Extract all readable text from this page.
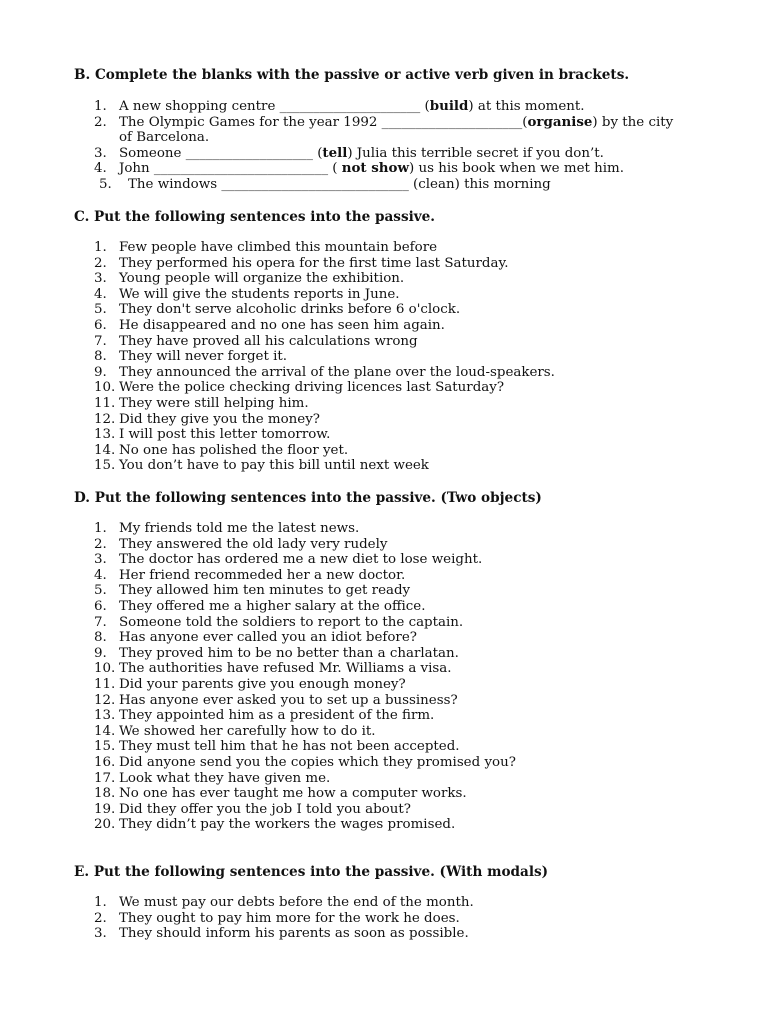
B. Complete the blanks with the passive or active verb given in brackets.
1. A new shopping centre _____________________ (build) at this moment.
2. The Olympic Games for the year 1992 _____________________(organise) by the city of Barcelona.
3. Someone ___________________ (tell) Julia this terrible secret if you don’t.
4. John __________________________ ( not show) us his book when we met him.
5.	The windows ____________________________ (clean) this morning
C. Put the following sentences into the passive.
1. Few people have climbed this mountain before
2. They performed his opera for the first time last Saturday.
3. Young people will organize the exhibition.
4. We will give the students reports in June.
5. They don't serve alcoholic drinks before 6 o'clock.
6. He disappeared and no one has seen him again.
7. They have proved all his calculations wrong
8. They will never forget it.
9. They announced the arrival of the plane over the loud-speakers.
10. Were the police checking driving licences last Saturday?
11. They were still helping him.
12. Did they give you the money?
13. I will post this letter tomorrow.
14. No one has polished the floor yet.
15. You don’t have to pay this bill until next week
D. Put the following sentences into the passive. (Two objects)
1. My friends told me the latest news.
2. They answered the old lady very rudely
3. The doctor has ordered me a new diet to lose weight.
4. Her friend recommeded her a new doctor.
5. They allowed him ten minutes to get ready
6. They offered me a higher salary at the office.
7. Someone told the soldiers to report to the captain.
8. Has anyone ever called you an idiot before?
9. They proved him to be no better than a charlatan.
10. The authorities have refused Mr. Williams a visa.
11. Did your parents give you enough money?
12. Has anyone ever asked you to set up a bussiness?
13. They appointed him as a president of the firm.
14. We showed her carefully how to do it.
15. They must tell him that he has not been accepted.
16. Did anyone send you the copies which they promised you?
17. Look what they have given me.
18. No one has ever taught me how a computer works.
19. Did they offer you the job I told you about?
20. They didn’t pay the workers the wages promised.
E. Put the following sentences into the passive. (With modals)
1. We must pay our debts before the end of the month.
2. They ought to pay him more for the work he does.
3. They should inform his parents as soon as possible.
